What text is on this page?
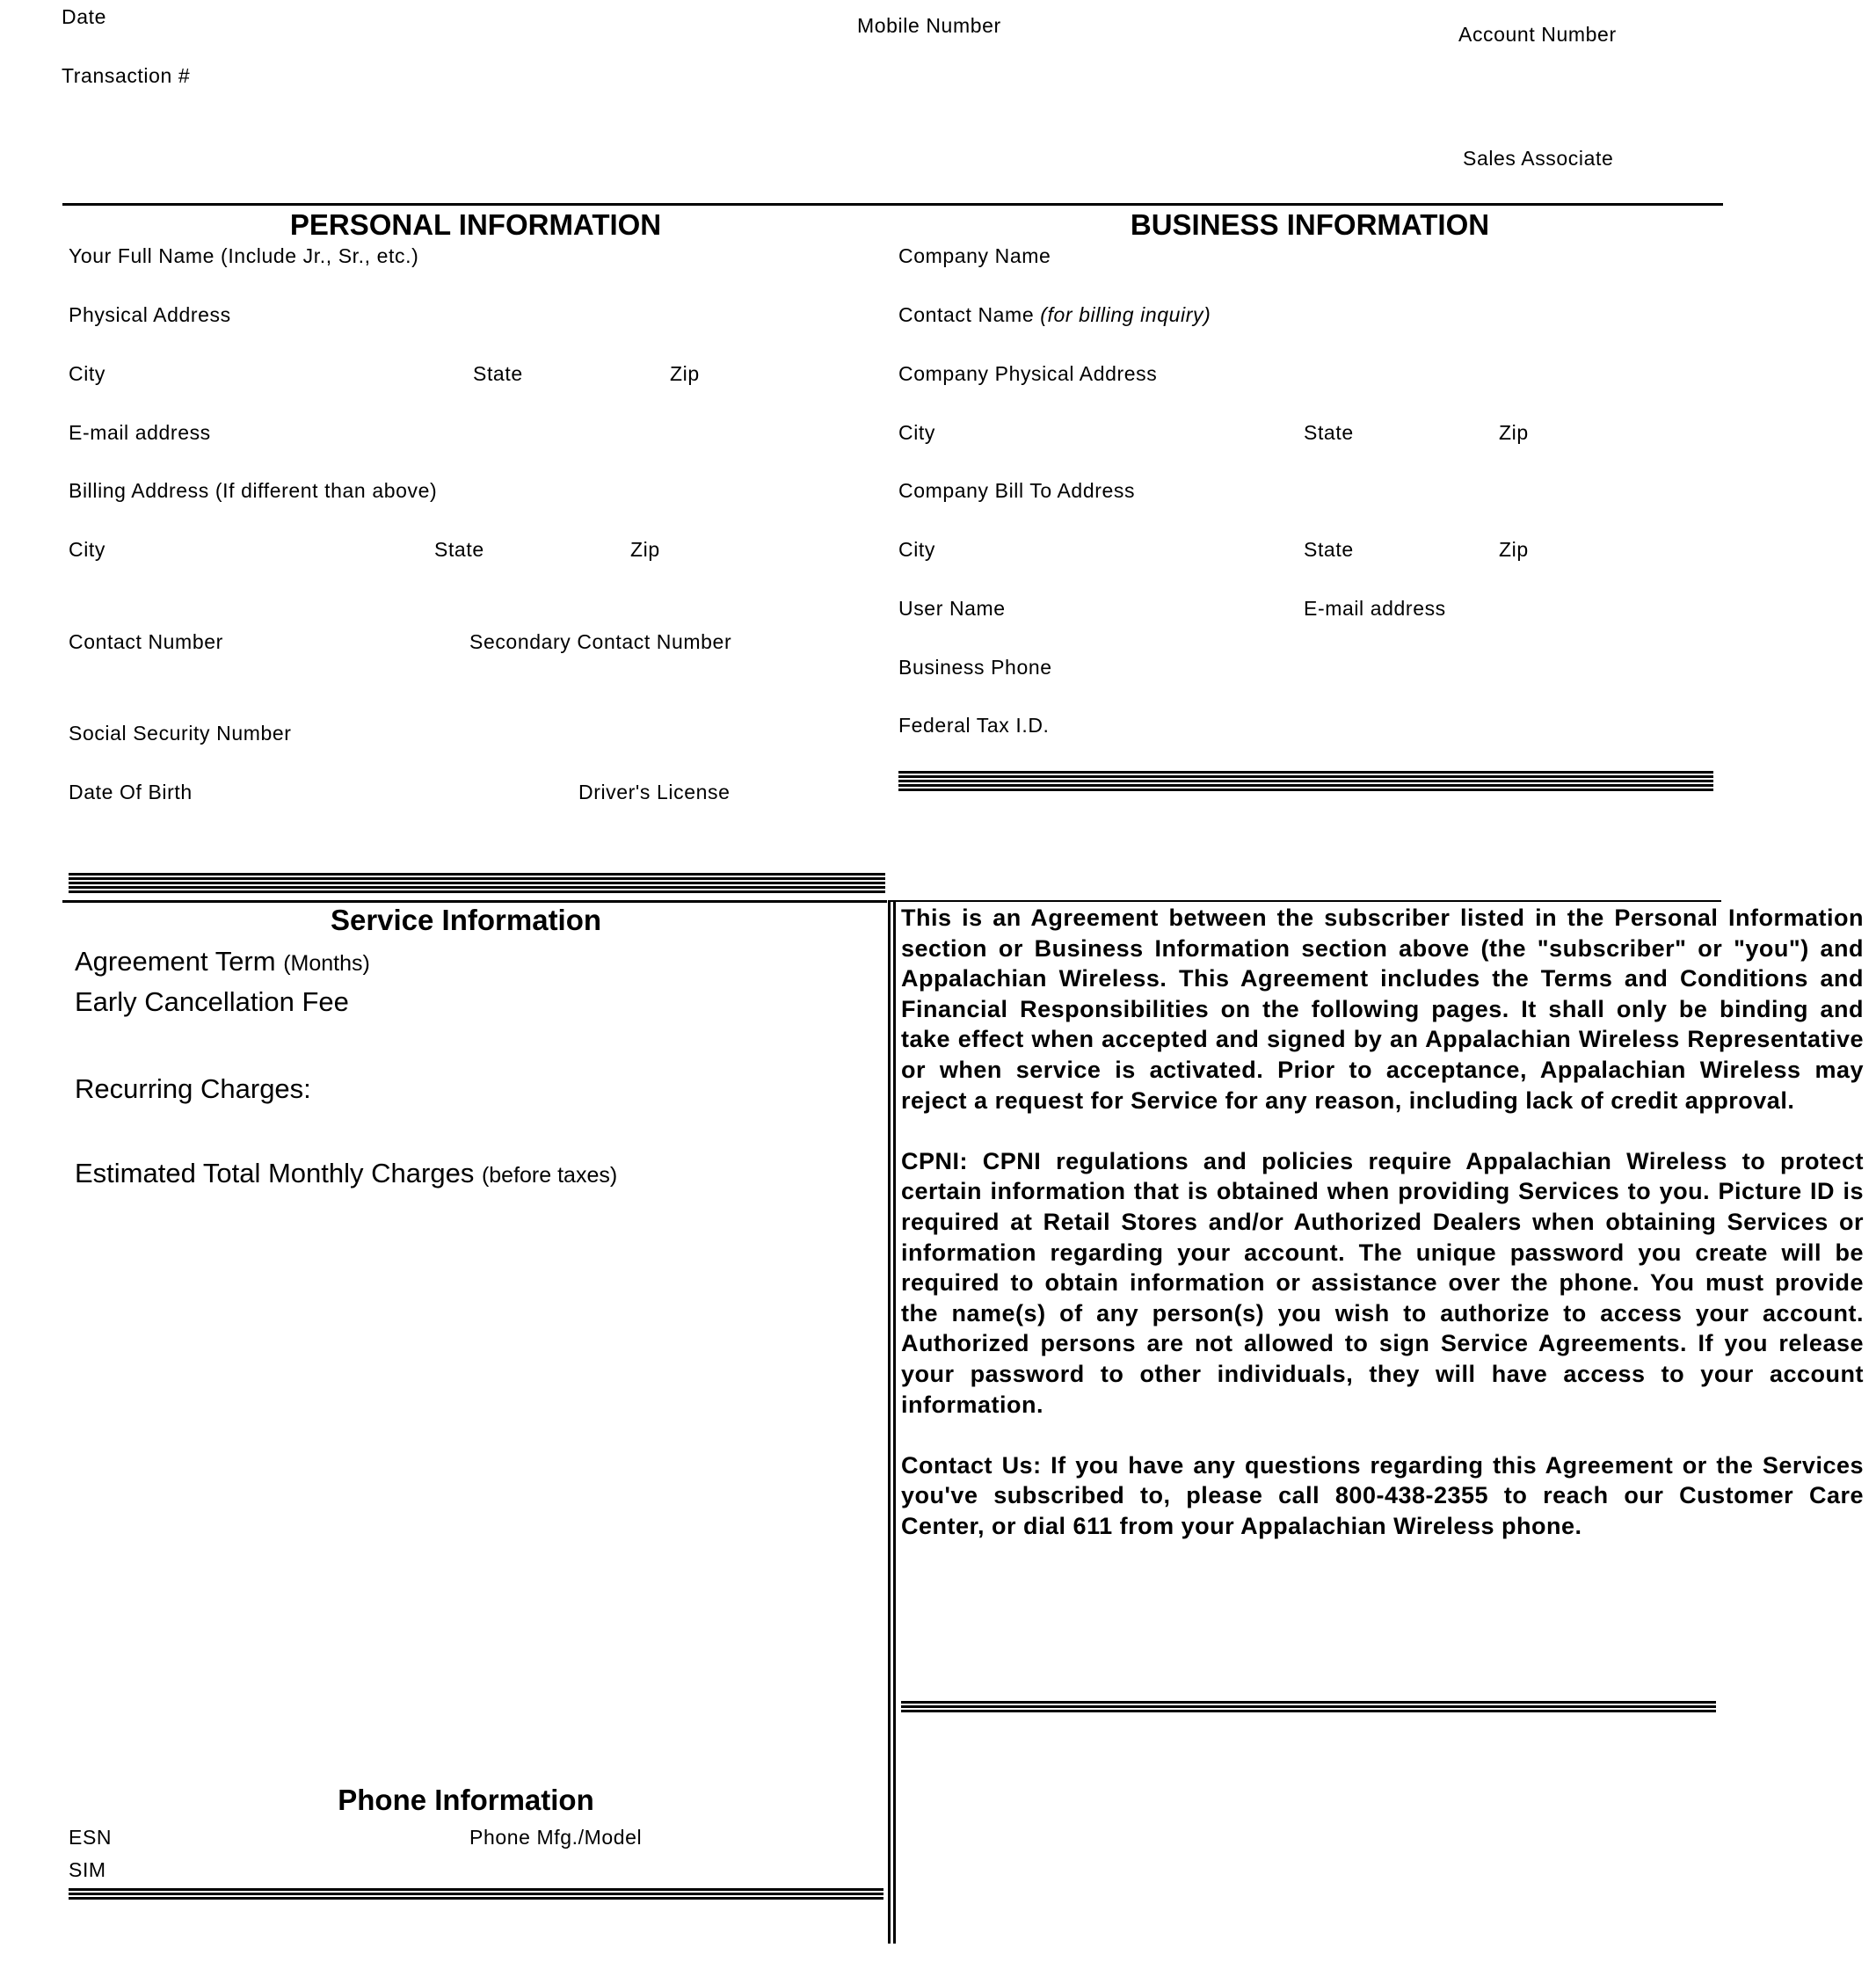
Date
Transaction #
Mobile Number	Account Number
Sales Associate
PERSONAL INFORMATION
Your Full Name (Include Jr., Sr., etc.)
Physical Address
City	State	Zip
E-mail address
Billing Address (If different than above)
City	State	Zip
Contact Number	Secondary Contact Number
Social Security Number
Date Of Birth	Driver's License
BUSINESS INFORMATION
Company Name
Contact Name (for billing inquiry)
Company Physical Address
City	State	Zip
Company Bill To Address
City	State	Zip
User Name	E-mail address
Business Phone
Federal Tax I.D.
Service Information
Agreement Term (Months)
Early Cancellation Fee
Recurring Charges:
Estimated Total Monthly Charges (before taxes)
Phone Information
ESN	Phone Mfg./Model
SIM

This is an Agreement between the subscriber listed in the Personal Information section or Business Information section above (the "subscriber" or "you") and Appalachian Wireless. This Agreement includes the Terms and Conditions and Financial Responsibilities on the following pages. It shall only be binding and take effect when accepted and signed by an Appalachian Wireless Representative or when service is activated. Prior to acceptance, Appalachian Wireless may reject a request for Service for any reason, including lack of credit approval.

CPNI: CPNI regulations and policies require Appalachian Wireless to protect certain information that is obtained when providing Services to you. Picture ID is required at Retail Stores and/or Authorized Dealers when obtaining Services or information regarding your account. The unique password you create will be required to obtain information or assistance over the phone. You must provide the name(s) of any person(s) you wish to authorize to access your account. Authorized persons are not allowed to sign Service Agreements. If you release your password to other individuals, they will have access to your account information.

Contact Us: If you have any questions regarding this Agreement or the Services you've subscribed to, please call 800-438-2355 to reach our Customer Care Center, or dial 611 from your Appalachian Wireless phone.
